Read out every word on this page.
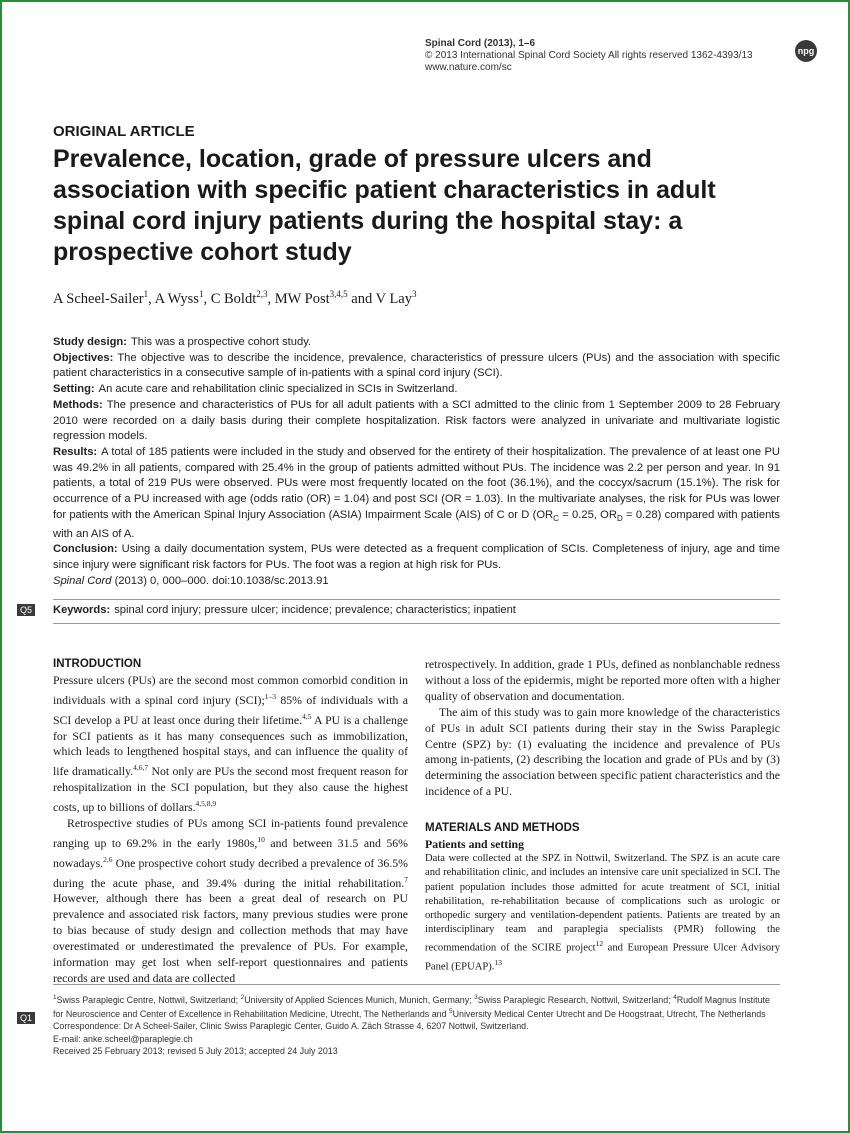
Spinal Cord (2013), 1–6
© 2013 International Spinal Cord Society All rights reserved 1362-4393/13
www.nature.com/sc
npg
ORIGINAL ARTICLE
Prevalence, location, grade of pressure ulcers and
association with specific patient characteristics in adult
spinal cord injury patients during the hospital stay: a
prospective cohort study
A Scheel-Sailer$^1$, A Wyss$^1$, C Boldt$^{2,3}$, MW Post$^{3,4,5}$ and V Lay$^3$

Study design: This was a prospective cohort study.

Objectives: The objective was to describe the incidence, prevalence, characteristics of pressure ulcers (PUs) and the association with specific patient characteristics in a consecutive sample of in-patients with a spinal cord injury (SCI).

Setting: An acute care and rehabilitation clinic specialized in SCIs in Switzerland.

Methods: The presence and characteristics of PUs for all adult patients with a SCI admitted to the clinic from 1 September 2009 to 28 February 2010 were recorded on a daily basis during their complete hospitalization. Risk factors were analyzed in univariate and multivariate logistic regression models.

Results: A total of 185 patients were included in the study and observed for the entirety of their hospitalization. The prevalence of at least one PU was 49.2% in all patients, compared with 25.4% in the group of patients admitted without PUs. The incidence was 2.2 per person and year. In 91 patients, a total of 219 PUs were observed. PUs were most frequently located on the foot (36.1%), and the coccyx/sacrum (15.1%). The risk for occurrence of a PU increased with age (odds ratio (OR) = 1.04) and post SCI (OR = 1.03). In the multivariate analyses, the risk for PUs was lower for patients with the American Spinal Injury Association (ASIA) Impairment Scale (AIS) of C or D ($OR_C = 0.25$, $OR_D = 0.28$) compared with patients with an AIS of A.

Conclusion: Using a daily documentation system, PUs were detected as a frequent complication of SCIs. Completeness of injury, age and time since injury were significant risk factors for PUs. The foot was a region at high risk for PUs.

Spinal Cord (2013) 0, 000–000. doi:10.1038/sc.2013.91

Q5 Keywords: spinal cord injury; pressure ulcer; incidence; prevalence; characteristics; inpatient
INTRODUCTION

Pressure ulcers (PUs) are the second most common comorbid condition in individuals with a spinal cord injury (SCI);$^{1-3}$ 85% of individuals with a SCI develop a PU at least once during their lifetime.$^{4,5}$ A PU is a challenge for SCI patients as it has many consequences such as immobilization, which leads to lengthened hospital stays, and can influence the quality of life dramatically.$^{4,6,7}$ Not only are PUs the second most frequent reason for rehospitalization in the SCI population, but they also cause the highest costs, up to billions of dollars.$^{4,5,8,9}$

Retrospective studies of PUs among SCI in-patients found prevalence ranging up to 69.2% in the early 1980s,$^{10}$ and between 31.5 and 56% nowadays.$^{2,6}$ One prospective cohort study decribed a prevalence of 36.5% during the acute phase, and 39.4% during the initial rehabilitation.$^7$ However, although there has been a great deal of research on PU prevalence and associated risk factors, many previous studies were prone to bias because of study design and collection methods that may have overestimated or underestimated the prevalence of PUs. For example, information may get lost when self-report questionnaires and patients records are used and data are collected

retrospectively. In addition, grade 1 PUs, defined as nonblanchable redness without a loss of the epidermis, might be reported more often with a higher quality of observation and documentation.

The aim of this study was to gain more knowledge of the characteristics of PUs in adult SCI patients during their stay in the Swiss Paraplegic Centre (SPZ) by: (1) evaluating the incidence and prevalence of PUs among in-patients, (2) describing the location and grade of PUs and by (3) determining the association between specific patient characteristics and the incidence of a PU.

MATERIALS AND METHODS
Patients and setting

Data were collected at the SPZ in Nottwil, Switzerland. The SPZ is an acute care and rehabilitation clinic, and includes an intensive care unit specialized in SCI. The patient population includes those admitted for acute treatment of SCI, initial rehabilitation, re-rehabilitation because of complications such as urologic or orthopedic surgery and ventilation-dependent patients. Patients are treated by an interdisciplinary team and paraplegia specialists (PMR) following the recommendation of the SCIRE project$^{12}$ and European Pressure Ulcer Advisory Panel (EPUAP).$^{13}$

Q1

$^1$Swiss Paraplegic Centre, Nottwil, Switzerland; $^2$University of Applied Sciences Munich, Munich, Germany; $^3$Swiss Paraplegic Research, Nottwil, Switzerland; $^4$Rudolf Magnus Institute for Neuroscience and Center of Excellence in Rehabilitation Medicine, Utrecht, The Netherlands and $^5$University Medical Center Utrecht and De Hoogstraat, Utrecht, The Netherlands

Correspondence: Dr A Scheel-Sailer, Clinic Swiss Paraplegic Center, Guido A. Zäch Strasse 4, 6207 Nottwil, Switzerland.

E-mail: anke.scheel@paraplegie.ch

Received 25 February 2013; revised 5 July 2013; accepted 24 July 2013
